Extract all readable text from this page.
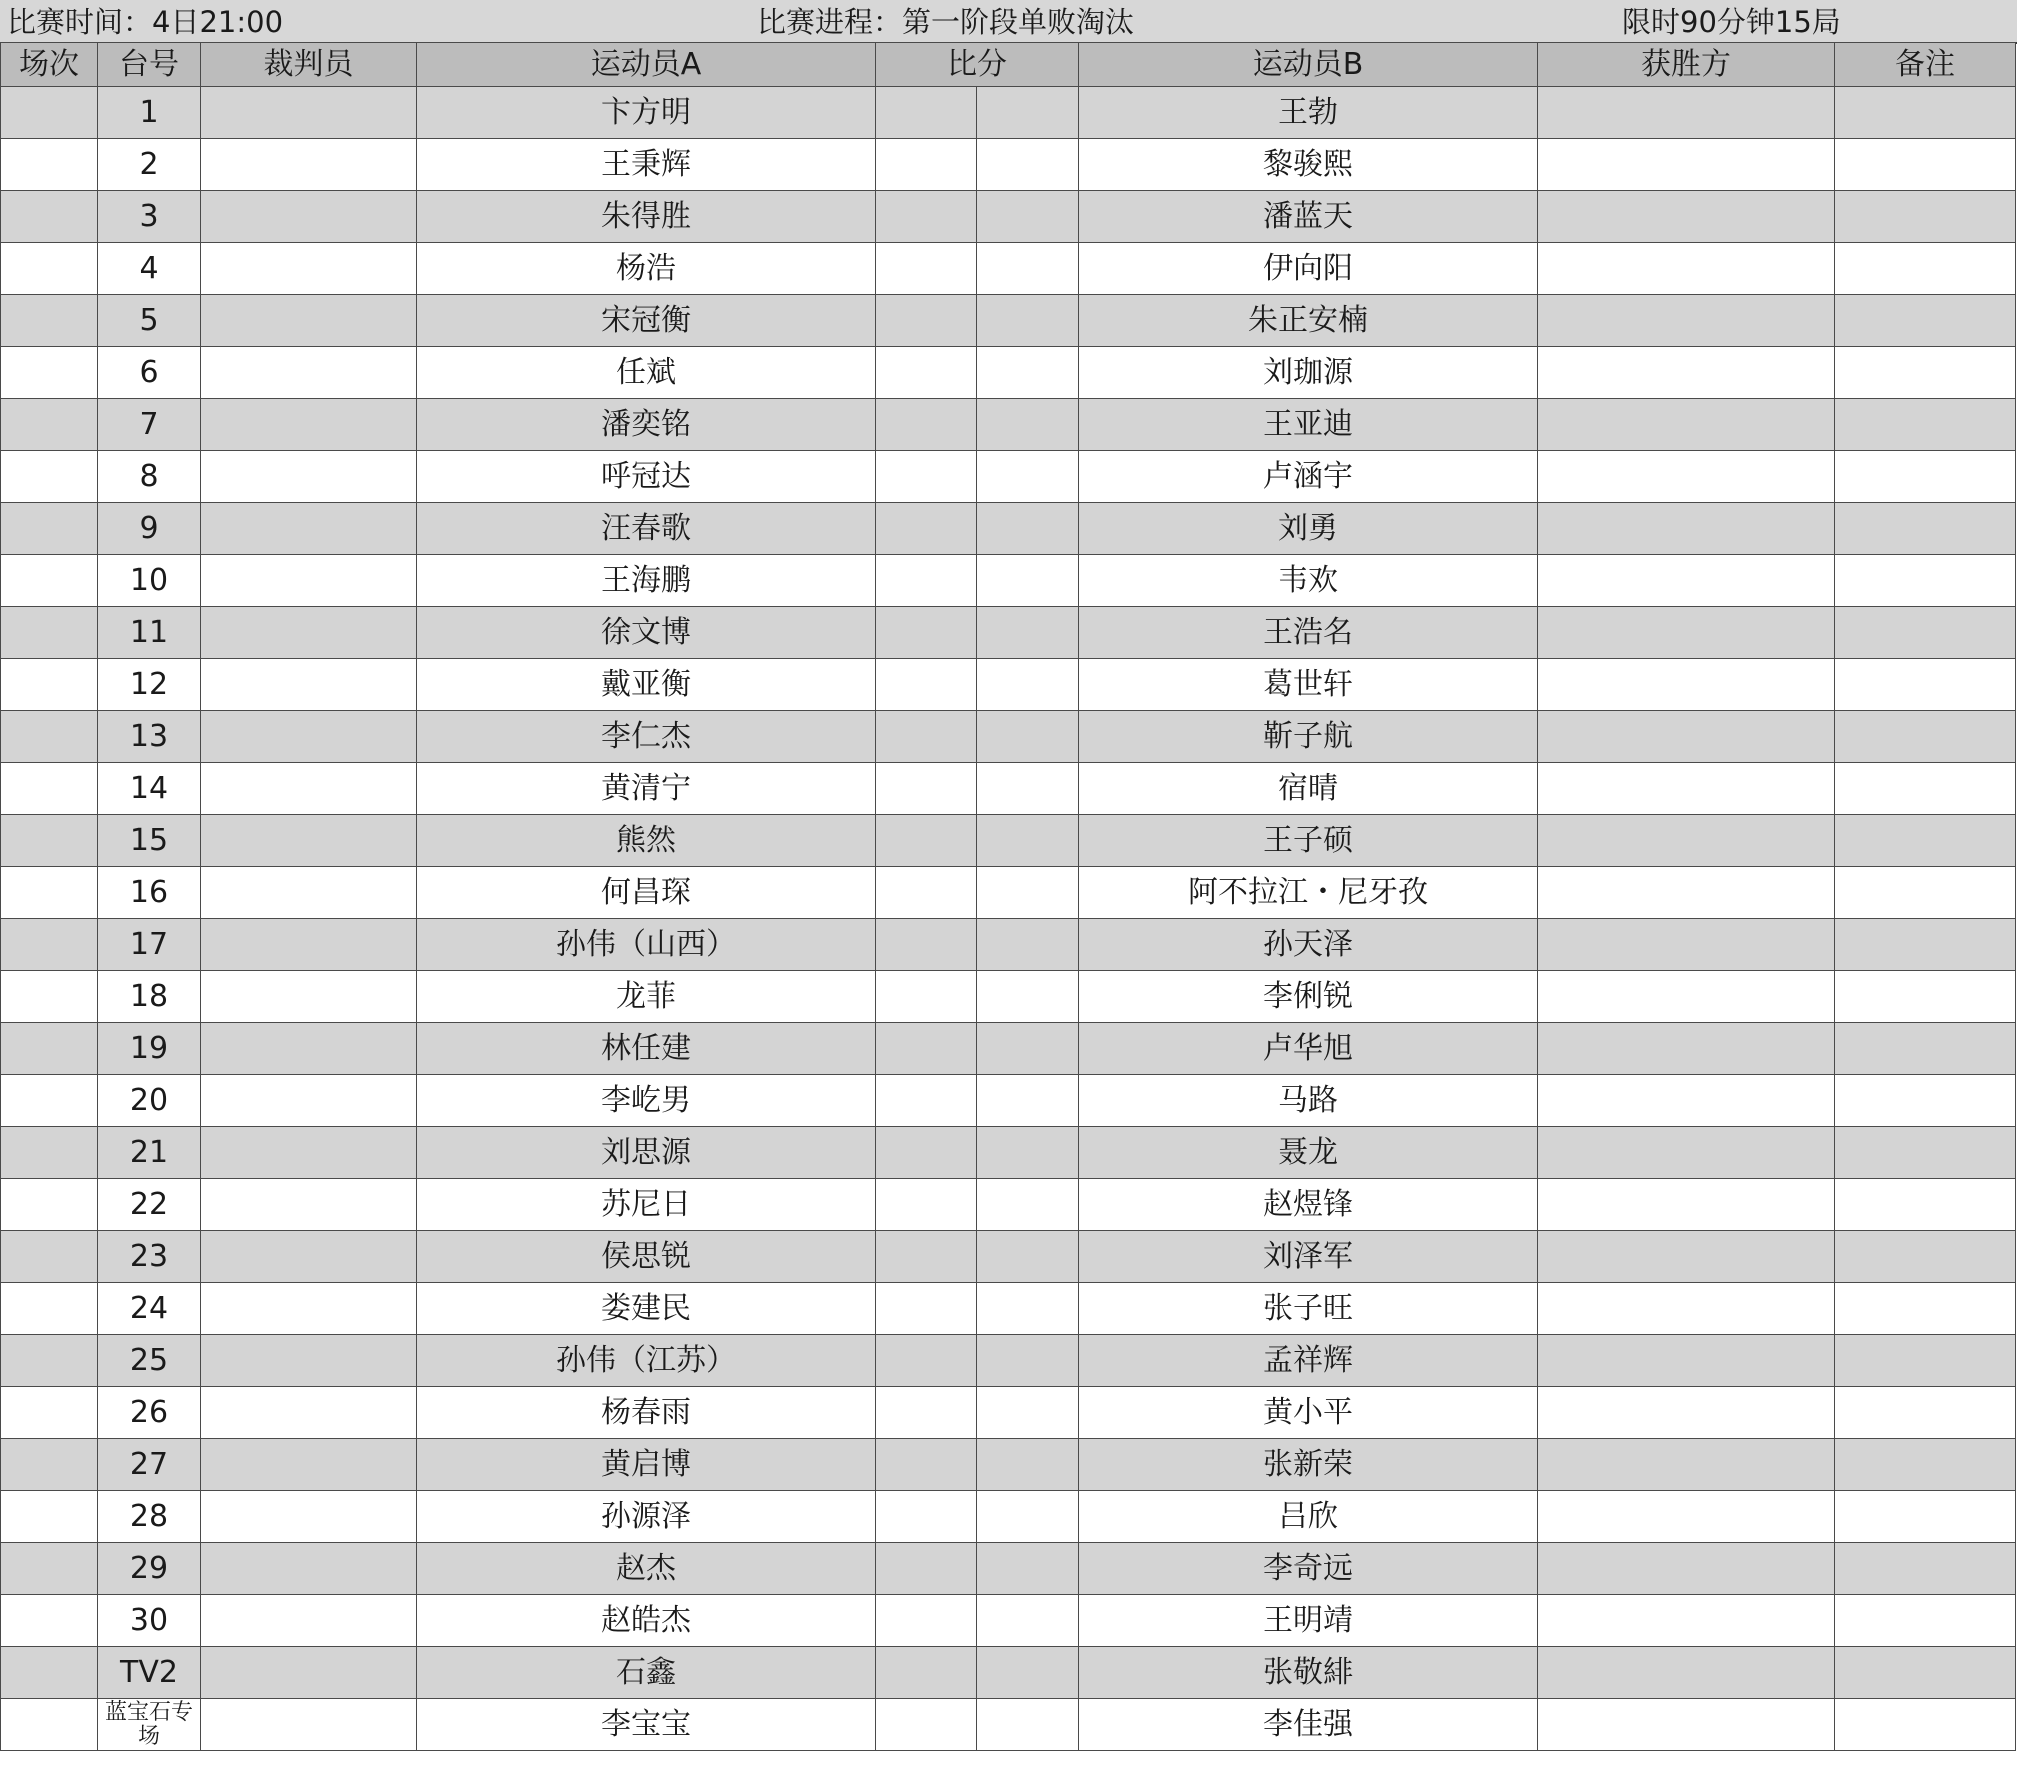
比赛时间：4日21:00	比赛进程：第一阶段单败淘汰	限时90分钟15局
场次	台号	裁判员	运动员A	比分		运动员B	获胜方	备注
	1		卞方明			王勃		
	2		王秉辉			黎骏熙		
	3		朱得胜			潘蓝天		
	4		杨浩			伊向阳		
	5		宋冠衡			朱正安楠		
	6		任斌			刘珈源		
	7		潘奕铭			王亚迪		
	8		呼冠达			卢涵宇		
	9		汪春歌			刘勇		
	10		王海鹏			韦欢		
	11		徐文博			王浩名		
	12		戴亚衡			葛世轩		
	13		李仁杰			靳子航		
	14		黄清宁			宿晴		
	15		熊然			王子硕		
	16		何昌琛			阿不拉江・尼牙孜		
	17		孙伟（山西）			孙天泽		
	18		龙菲			李俐锐		
	19		林任建			卢华旭		
	20		李屹男			马路		
	21		刘思源			聂龙		
	22		苏尼日			赵煜锋		
	23		侯思锐			刘泽军		
	24		娄建民			张子旺		
	25		孙伟（江苏）			孟祥辉		
	26		杨春雨			黄小平		
	27		黄启博			张新荣		
	28		孙源泽			吕欣		
	29		赵杰			李奇远		
	30		赵皓杰			王明靖		
	TV2		石鑫			张敬緋		
	蓝宝石专场		李宝宝			李佳强		
